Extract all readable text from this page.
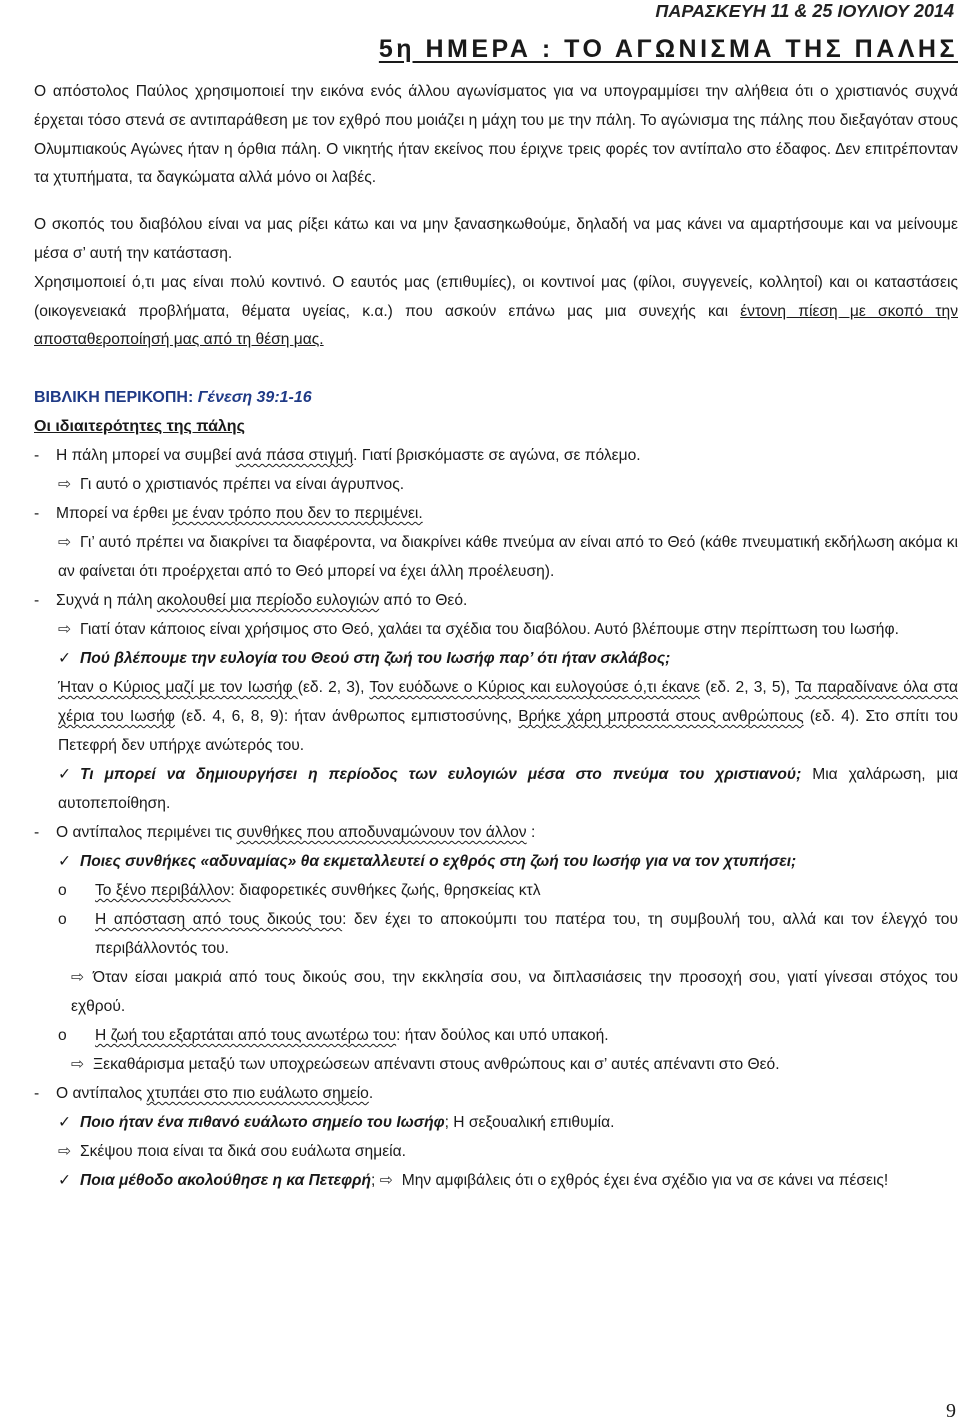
ΠΑΡΑΣΚΕΥΗ 11 & 25 ΙΟΥΛΙΟΥ 2014
5η ΗΜΕΡΑ : ΤΟ ΑΓΩΝΙΣΜΑ ΤΗΣ ΠΑΛΗΣ

Ο απόστολος Παύλος χρησιμοποιεί την εικόνα ενός άλλου αγωνίσματος για να υπογραμμίσει την αλήθεια ότι ο χριστιανός συχνά έρχεται τόσο στενά σε αντιπαράθεση με τον εχθρό που μοιάζει η μάχη του με την πάλη. Το αγώνισμα της πάλης που διεξαγόταν στους Ολυμπιακούς Αγώνες ήταν η όρθια πάλη. Ο νικητής ήταν εκείνος που έριχνε τρεις φορές τον αντίπαλο στο έδαφος. Δεν επιτρέπονταν τα χτυπήματα, τα δαγκώματα αλλά μόνο οι λαβές.

Ο σκοπός του διαβόλου είναι να μας ρίξει κάτω και να μην ξανασηκωθούμε, δηλαδή να μας κάνει να αμαρτήσουμε και να μείνουμε μέσα σ’ αυτή την κατάσταση.

Χρησιμοποιεί ό,τι μας είναι πολύ κοντινό. Ο εαυτός μας (επιθυμίες), οι κοντινοί μας (φίλοι, συγγενείς, κολλητοί) και οι καταστάσεις (οικογενειακά προβλήματα, θέματα υγείας, κ.α.) που ασκούν επάνω μας μια συνεχής και έντονη πίεση με σκοπό την αποσταθεροποίησή μας από τη θέση μας.

ΒΙΒΛΙΚΗ ΠΕΡΙΚΟΠΗ: Γένεση 39:1-16
Οι ιδιαιτερότητες της πάλης
-	Η πάλη μπορεί να συμβεί ανά πάσα στιγμή. Γιατί βρισκόμαστε σε αγώνα, σε πόλεμο.
⇨ Γι αυτό ο χριστιανός πρέπει να είναι άγρυπνος.
-	Μπορεί να έρθει με έναν τρόπο που δεν το περιμένει.
⇨ Γι’ αυτό πρέπει να διακρίνει τα διαφέροντα, να διακρίνει κάθε πνεύμα αν είναι από το Θεό (κάθε πνευματική εκδήλωση ακόμα κι αν φαίνεται ότι προέρχεται από το Θεό μπορεί να έχει άλλη προέλευση).
-	Συχνά η πάλη ακολουθεί μια περίοδο ευλογιών από το Θεό.
⇨ Γιατί όταν κάποιος είναι χρήσιμος στο Θεό, χαλάει τα σχέδια του διαβόλου. Αυτό βλέπουμε στην περίπτωση του Ιωσήφ.
✓ Πού βλέπουμε την ευλογία του Θεού στη ζωή του Ιωσήφ παρ’ ότι ήταν σκλάβος;
Ήταν ο Κύριος μαζί με τον Ιωσήφ (εδ. 2, 3), Τον ευόδωνε ο Κύριος και ευλογούσε ό,τι έκανε (εδ. 2, 3, 5), Τα παραδίνανε όλα στα χέρια του Ιωσήφ (εδ. 4, 6, 8, 9): ήταν άνθρωπος εμπιστοσύνης, Βρήκε χάρη μπροστά στους ανθρώπους (εδ. 4). Στο σπίτι του Πετεφρή δεν υπήρχε ανώτερός του.
✓ Τι μπορεί να δημιουργήσει η περίοδος των ευλογιών μέσα στο πνεύμα του χριστιανού; Μια χαλάρωση, μια αυτοπεποίθηση.
-	Ο αντίπαλος περιμένει τις συνθήκες που αποδυναμώνουν τον άλλον :
✓ Ποιες συνθήκες «αδυναμίας» θα εκμεταλλευτεί ο εχθρός στη ζωή του Ιωσήφ για να τον χτυπήσει;
o Το ξένο περιβάλλον: διαφορετικές συνθήκες ζωής, θρησκείας κτλ
o	Η απόσταση από τους δικούς του: δεν έχει το αποκούμπι του πατέρα του, τη συμβουλή του, αλλά και τον έλεγχό του περιβάλλοντός του.
⇨ Όταν είσαι μακριά από τους δικούς σου, την εκκλησία σου, να διπλασιάσεις την προσοχή σου, γιατί γίνεσαι στόχος του εχθρού.
o Η ζωή του εξαρτάται από τους ανωτέρω του: ήταν δούλος και υπό υπακοή.
⇨ Ξεκαθάρισμα μεταξύ των υποχρεώσεων απέναντι στους ανθρώπους και σ’ αυτές απέναντι στο Θεό.
-	Ο αντίπαλος χτυπάει στο πιο ευάλωτο σημείο.
✓ Ποιο ήταν ένα πιθανό ευάλωτο σημείο του Ιωσήφ; Η σεξουαλική επιθυμία.
⇨ Σκέψου ποια είναι τα δικά σου ευάλωτα σημεία.
✓ Ποια μέθοδο ακολούθησε η κα Πετεφρή; ⇨ Μην αμφιβάλεις ότι ο εχθρός έχει ένα σχέδιο για να σε κάνει να πέσεις!
9
